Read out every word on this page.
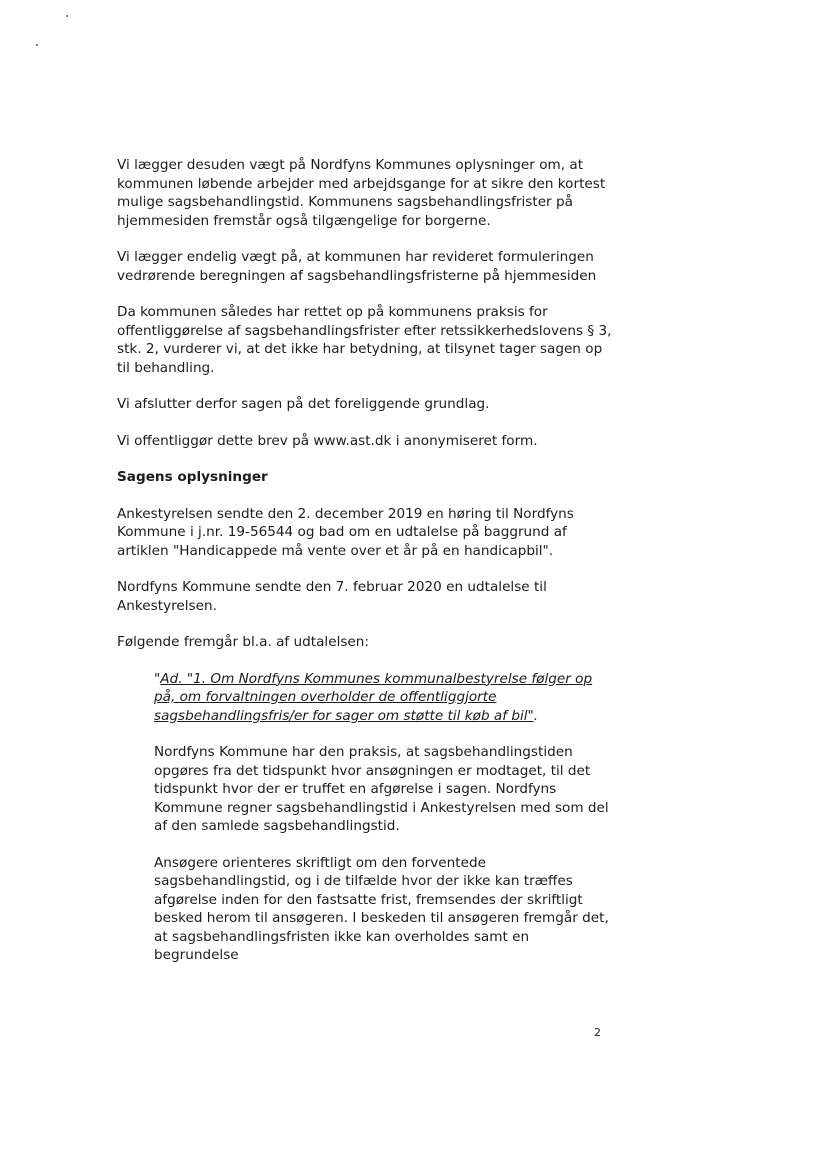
Vi lægger desuden vægt på Nordfyns Kommunes oplysninger om, at kommunen løbende arbejder med arbejdsgange for at sikre den kortest mulige sagsbehandlingstid. Kommunens sagsbehandlingsfrister på hjemmesiden fremstår også tilgængelige for borgerne.

Vi lægger endelig vægt på, at kommunen har revideret formuleringen vedrørende beregningen af sagsbehandlingsfristerne på hjemmesiden

Da kommunen således har rettet op på kommunens praksis for offentliggørelse af sagsbehandlingsfrister efter retssikkerhedslovens § 3, stk. 2, vurderer vi, at det ikke har betydning, at tilsynet tager sagen op til behandling.

Vi afslutter derfor sagen på det foreliggende grundlag.

Vi offentliggør dette brev på www.ast.dk i anonymiseret form.

Sagens oplysninger

Ankestyrelsen sendte den 2. december 2019 en høring til Nordfyns Kommune i j.nr. 19-56544 og bad om en udtalelse på baggrund af artiklen "Handicappede må vente over et år på en handicapbil".

Nordfyns Kommune sendte den 7. februar 2020 en udtalelse til Ankestyrelsen.

Følgende fremgår bl.a. af udtalelsen:

"Ad. "1. Om Nordfyns Kommunes kommunalbestyrelse følger op på, om forvaltningen overholder de offentliggjorte sagsbehandlingsfris/er for sager om støtte til køb af bil".

Nordfyns Kommune har den praksis, at sagsbehandlingstiden opgøres fra det tidspunkt hvor ansøgningen er modtaget, til det tidspunkt hvor der er truffet en afgørelse i sagen. Nordfyns Kommune regner sagsbehandlingstid i Ankestyrelsen med som del af den samlede sagsbehandlingstid.

Ansøgere orienteres skriftligt om den forventede sagsbehandlingstid, og i de tilfælde hvor der ikke kan træffes afgørelse inden for den fastsatte frist, fremsendes der skriftligt besked herom til ansøgeren. I beskeden til ansøgeren fremgår det, at sagsbehandlingsfristen ikke kan overholdes samt en begrundelse

2
